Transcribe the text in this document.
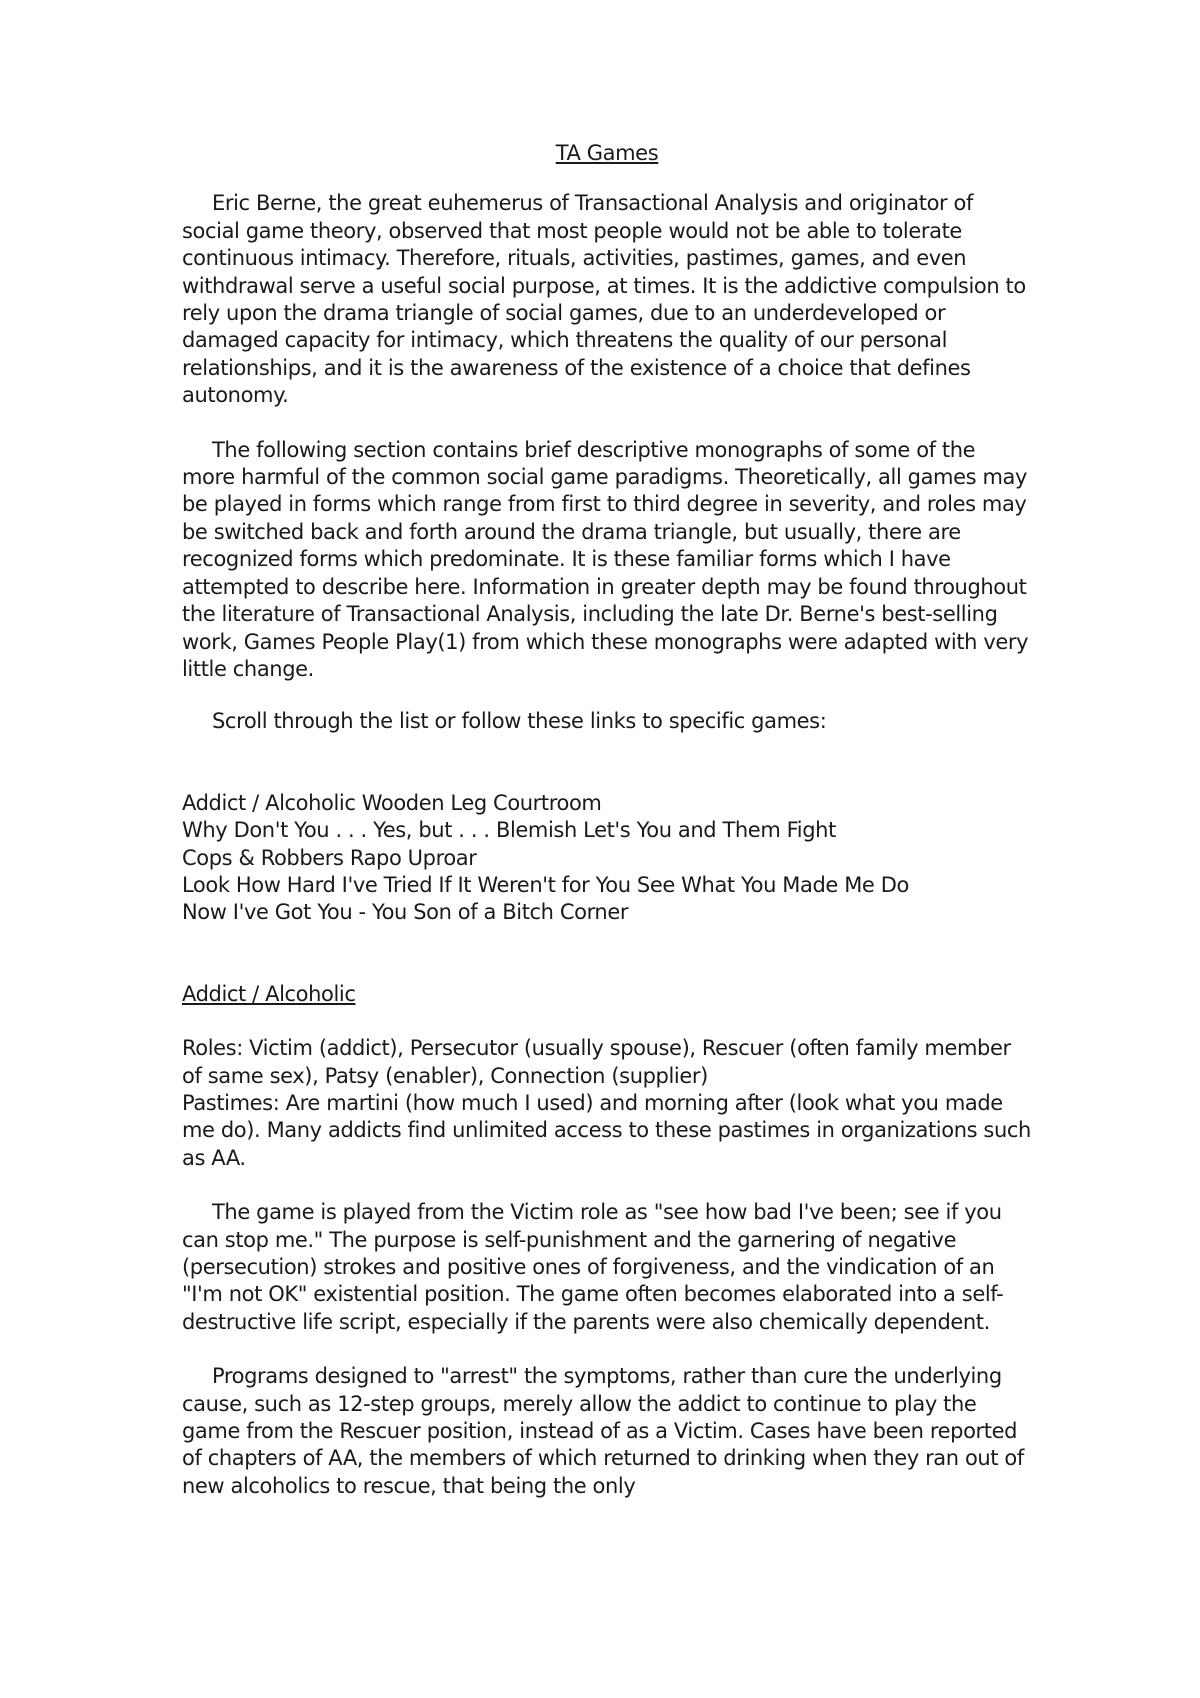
TA Games

Eric Berne, the great euhemerus of Transactional Analysis and originator of social game theory, observed that most people would not be able to tolerate continuous intimacy. Therefore, rituals, activities, pastimes, games, and even withdrawal serve a useful social purpose, at times. It is the addictive compulsion to rely upon the drama triangle of social games, due to an underdeveloped or damaged capacity for intimacy, which threatens the quality of our personal relationships, and it is the awareness of the existence of a choice that defines autonomy.

The following section contains brief descriptive monographs of some of the more harmful of the common social game paradigms. Theoretically, all games may be played in forms which range from first to third degree in severity, and roles may be switched back and forth around the drama triangle, but usually, there are recognized forms which predominate. It is these familiar forms which I have attempted to describe here. Information in greater depth may be found throughout the literature of Transactional Analysis, including the late Dr. Berne's best-selling work, Games People Play(1) from which these monographs were adapted with very little change.

Scroll through the list or follow these links to specific games:

Addict / Alcoholic Wooden Leg Courtroom
Why Don't You . . . Yes, but . . . Blemish Let's You and Them Fight
Cops & Robbers Rapo Uproar
Look How Hard I've Tried If It Weren't for You See What You Made Me Do
Now I've Got You - You Son of a Bitch Corner

Addict / Alcoholic

Roles: Victim (addict), Persecutor (usually spouse), Rescuer (often family member of same sex), Patsy (enabler), Connection (supplier)

Pastimes: Are martini (how much I used) and morning after (look what you made me do). Many addicts find unlimited access to these pastimes in organizations such as AA.

The game is played from the Victim role as "see how bad I've been; see if you can stop me." The purpose is self-punishment and the garnering of negative (persecution) strokes and positive ones of forgiveness, and the vindication of an "I'm not OK" existential position. The game often becomes elaborated into a self-destructive life script, especially if the parents were also chemically dependent.

Programs designed to "arrest" the symptoms, rather than cure the underlying cause, such as 12-step groups, merely allow the addict to continue to play the game from the Rescuer position, instead of as a Victim. Cases have been reported of chapters of AA, the members of which returned to drinking when they ran out of new alcoholics to rescue, that being the only
